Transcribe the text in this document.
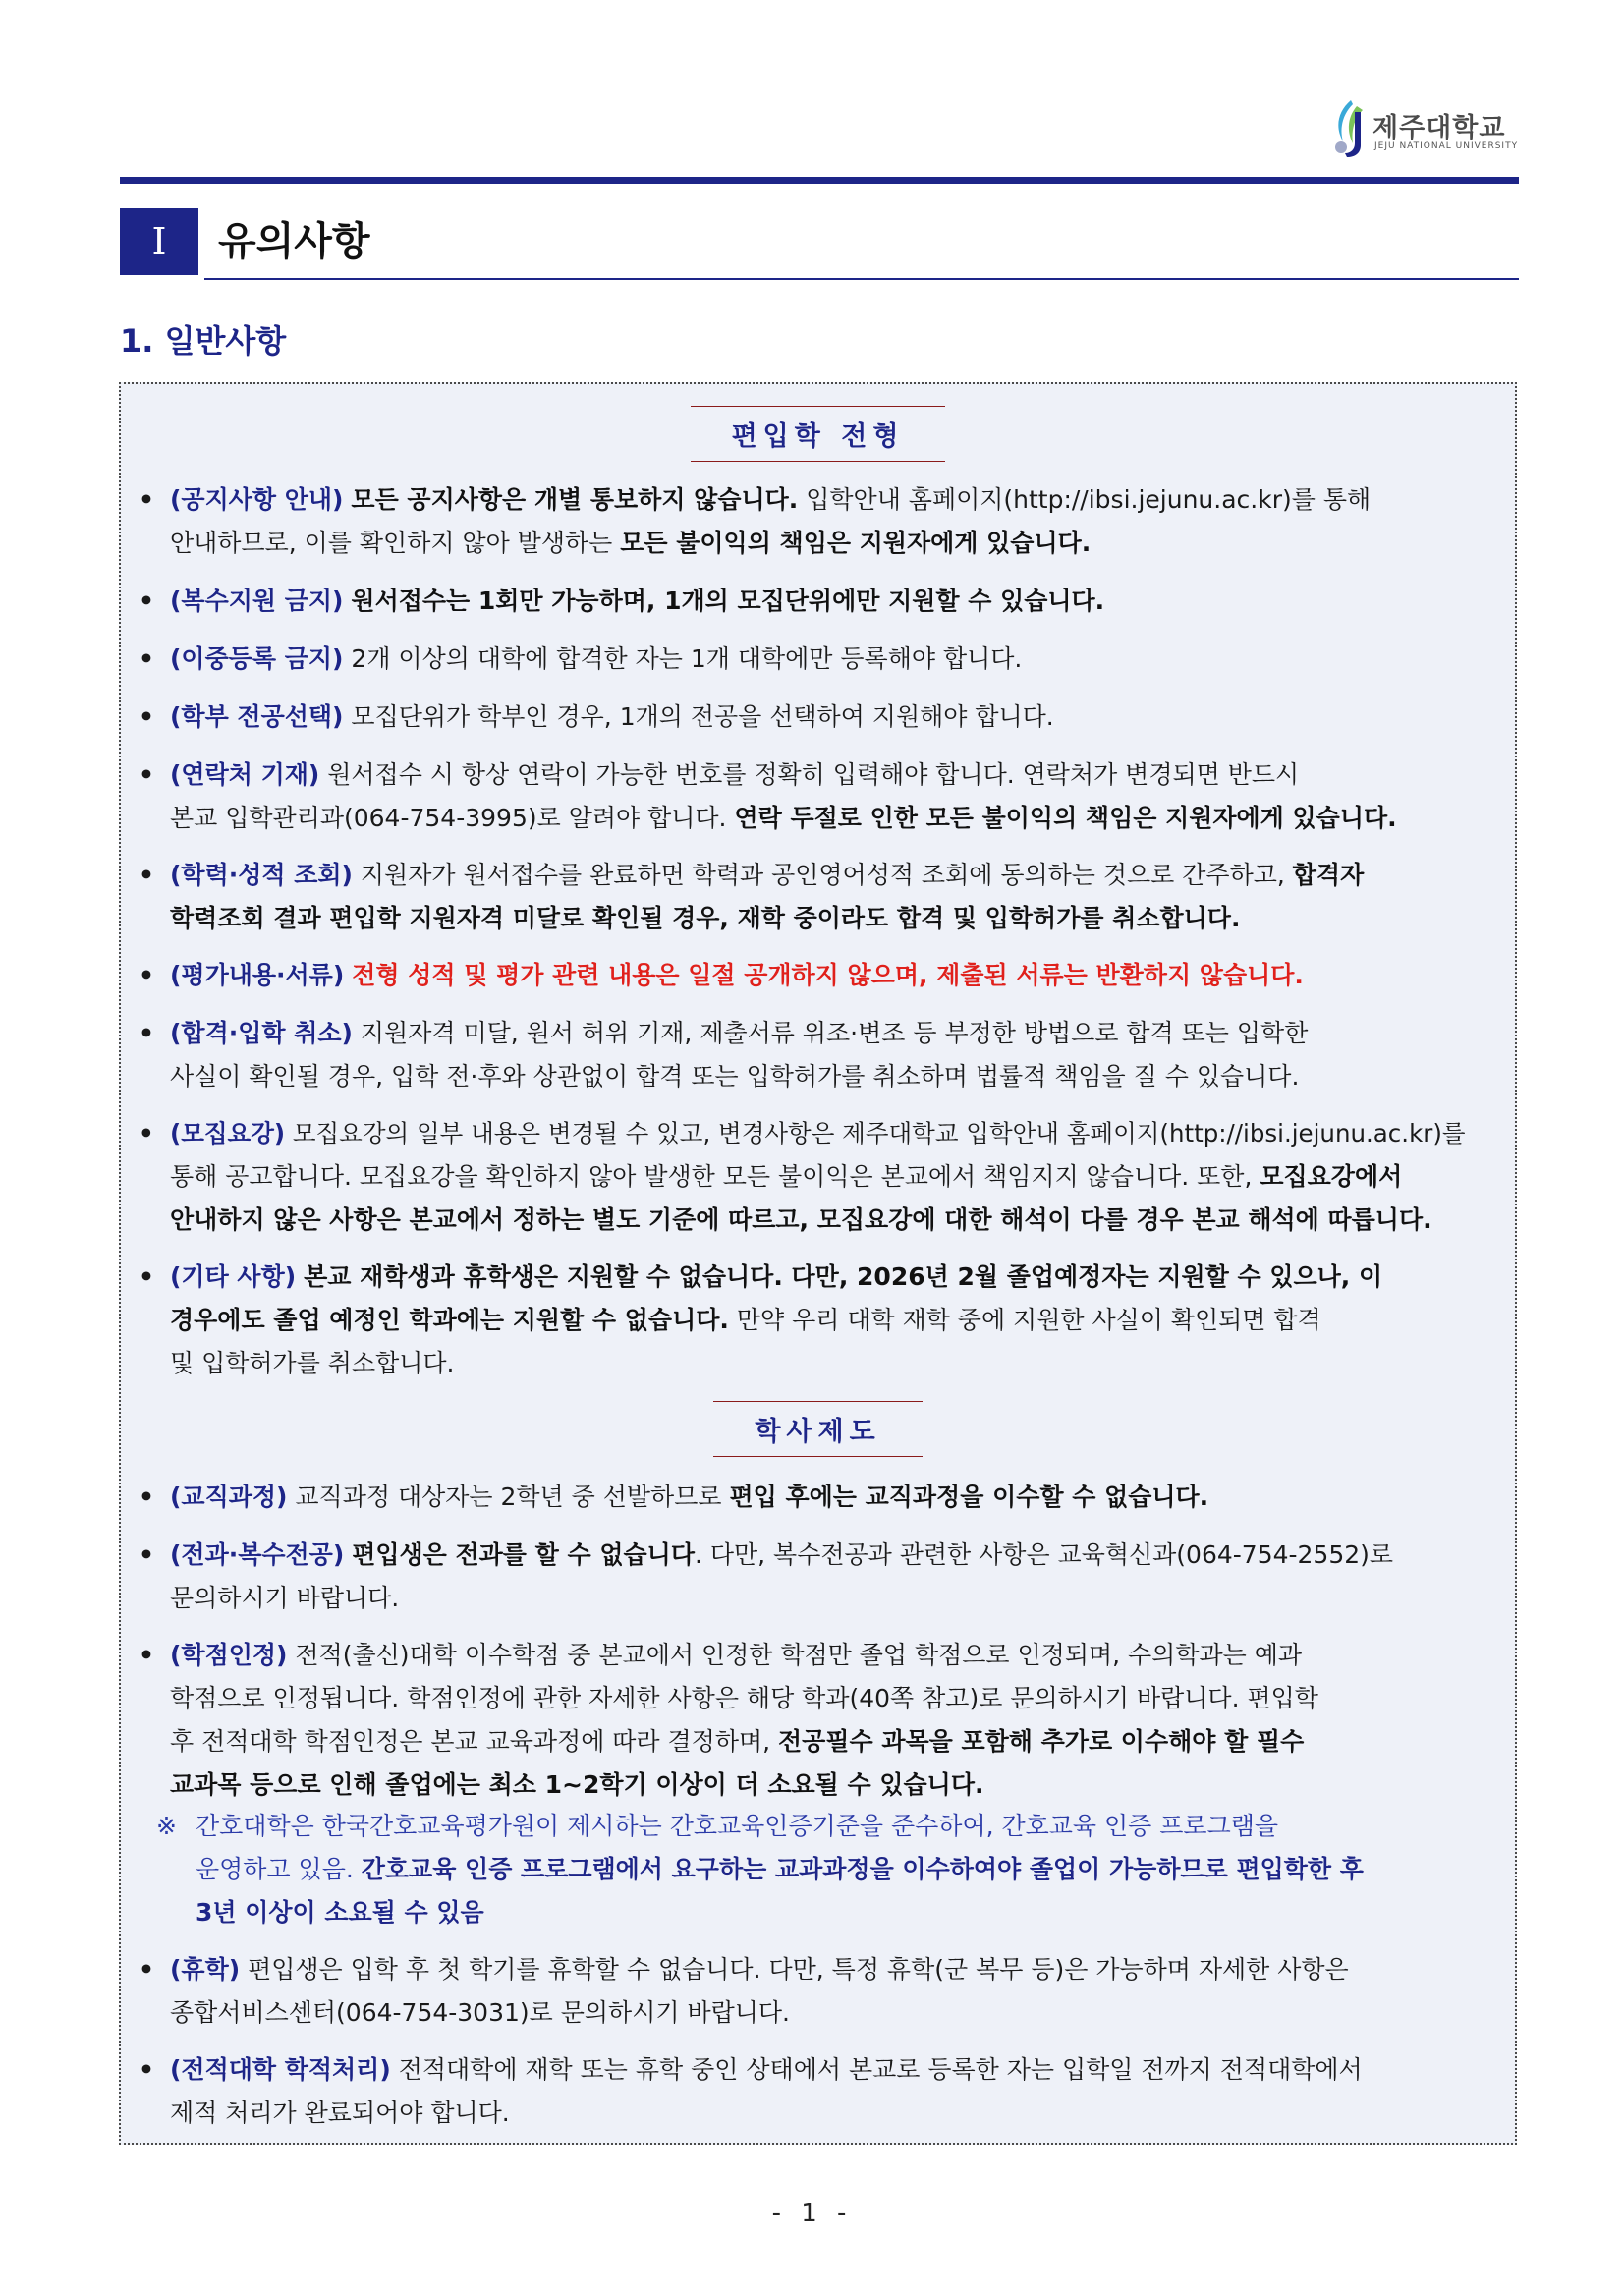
제주대학교
JEJU NATIONAL UNIVERSITY
I	유의사항
1. 일반사항
편입학 전형
• (공지사항 안내) 모든 공지사항은 개별 통보하지 않습니다. 입학안내 홈페이지(http://ibsi.jejunu.ac.kr)를 통해
안내하므로, 이를 확인하지 않아 발생하는 모든 불이익의 책임은 지원자에게 있습니다.
• (복수지원 금지) 원서접수는 1회만 가능하며, 1개의 모집단위에만 지원할 수 있습니다.
• (이중등록 금지) 2개 이상의 대학에 합격한 자는 1개 대학에만 등록해야 합니다.
• (학부 전공선택) 모집단위가 학부인 경우, 1개의 전공을 선택하여 지원해야 합니다.
• (연락처 기재) 원서접수 시 항상 연락이 가능한 번호를 정확히 입력해야 합니다. 연락처가 변경되면 반드시
본교 입학관리과(064-754-3995)로 알려야 합니다. 연락 두절로 인한 모든 불이익의 책임은 지원자에게 있습니다.
• (학력·성적 조회) 지원자가 원서접수를 완료하면 학력과 공인영어성적 조회에 동의하는 것으로 간주하고, 합격자
학력조회 결과 편입학 지원자격 미달로 확인될 경우, 재학 중이라도 합격 및 입학허가를 취소합니다.
• (평가내용·서류) 전형 성적 및 평가 관련 내용은 일절 공개하지 않으며, 제출된 서류는 반환하지 않습니다.
• (합격·입학 취소) 지원자격 미달, 원서 허위 기재, 제출서류 위조·변조 등 부정한 방법으로 합격 또는 입학한
사실이 확인될 경우, 입학 전·후와 상관없이 합격 또는 입학허가를 취소하며 법률적 책임을 질 수 있습니다.
• (모집요강) 모집요강의 일부 내용은 변경될 수 있고, 변경사항은 제주대학교 입학안내 홈페이지(http://ibsi.jejunu.ac.kr)를
통해 공고합니다. 모집요강을 확인하지 않아 발생한 모든 불이익은 본교에서 책임지지 않습니다. 또한, 모집요강에서
안내하지 않은 사항은 본교에서 정하는 별도 기준에 따르고, 모집요강에 대한 해석이 다를 경우 본교 해석에 따릅니다.
• (기타 사항) 본교 재학생과 휴학생은 지원할 수 없습니다. 다만, 2026년 2월 졸업예정자는 지원할 수 있으나, 이
경우에도 졸업 예정인 학과에는 지원할 수 없습니다. 만약 우리 대학 재학 중에 지원한 사실이 확인되면 합격
및 입학허가를 취소합니다.
학사제도
• (교직과정) 교직과정 대상자는 2학년 중 선발하므로 편입 후에는 교직과정을 이수할 수 없습니다.
• (전과·복수전공) 편입생은 전과를 할 수 없습니다. 다만, 복수전공과 관련한 사항은 교육혁신과(064-754-2552)로
문의하시기 바랍니다.
• (학점인정) 전적(출신)대학 이수학점 중 본교에서 인정한 학점만 졸업 학점으로 인정되며, 수의학과는 예과
학점으로 인정됩니다. 학점인정에 관한 자세한 사항은 해당 학과(40쪽 참고)로 문의하시기 바랍니다. 편입학
후 전적대학 학점인정은 본교 교육과정에 따라 결정하며, 전공필수 과목을 포함해 추가로 이수해야 할 필수
교과목 등으로 인해 졸업에는 최소 1~2학기 이상이 더 소요될 수 있습니다.
※ 간호대학은 한국간호교육평가원이 제시하는 간호교육인증기준을 준수하여, 간호교육 인증 프로그램을
운영하고 있음. 간호교육 인증 프로그램에서 요구하는 교과과정을 이수하여야 졸업이 가능하므로 편입학한 후
3년 이상이 소요될 수 있음
• (휴학) 편입생은 입학 후 첫 학기를 휴학할 수 없습니다. 다만, 특정 휴학(군 복무 등)은 가능하며 자세한 사항은
종합서비스센터(064-754-3031)로 문의하시기 바랍니다.
• (전적대학 학적처리) 전적대학에 재학 또는 휴학 중인 상태에서 본교로 등록한 자는 입학일 전까지 전적대학에서
제적 처리가 완료되어야 합니다.
- 1 -
